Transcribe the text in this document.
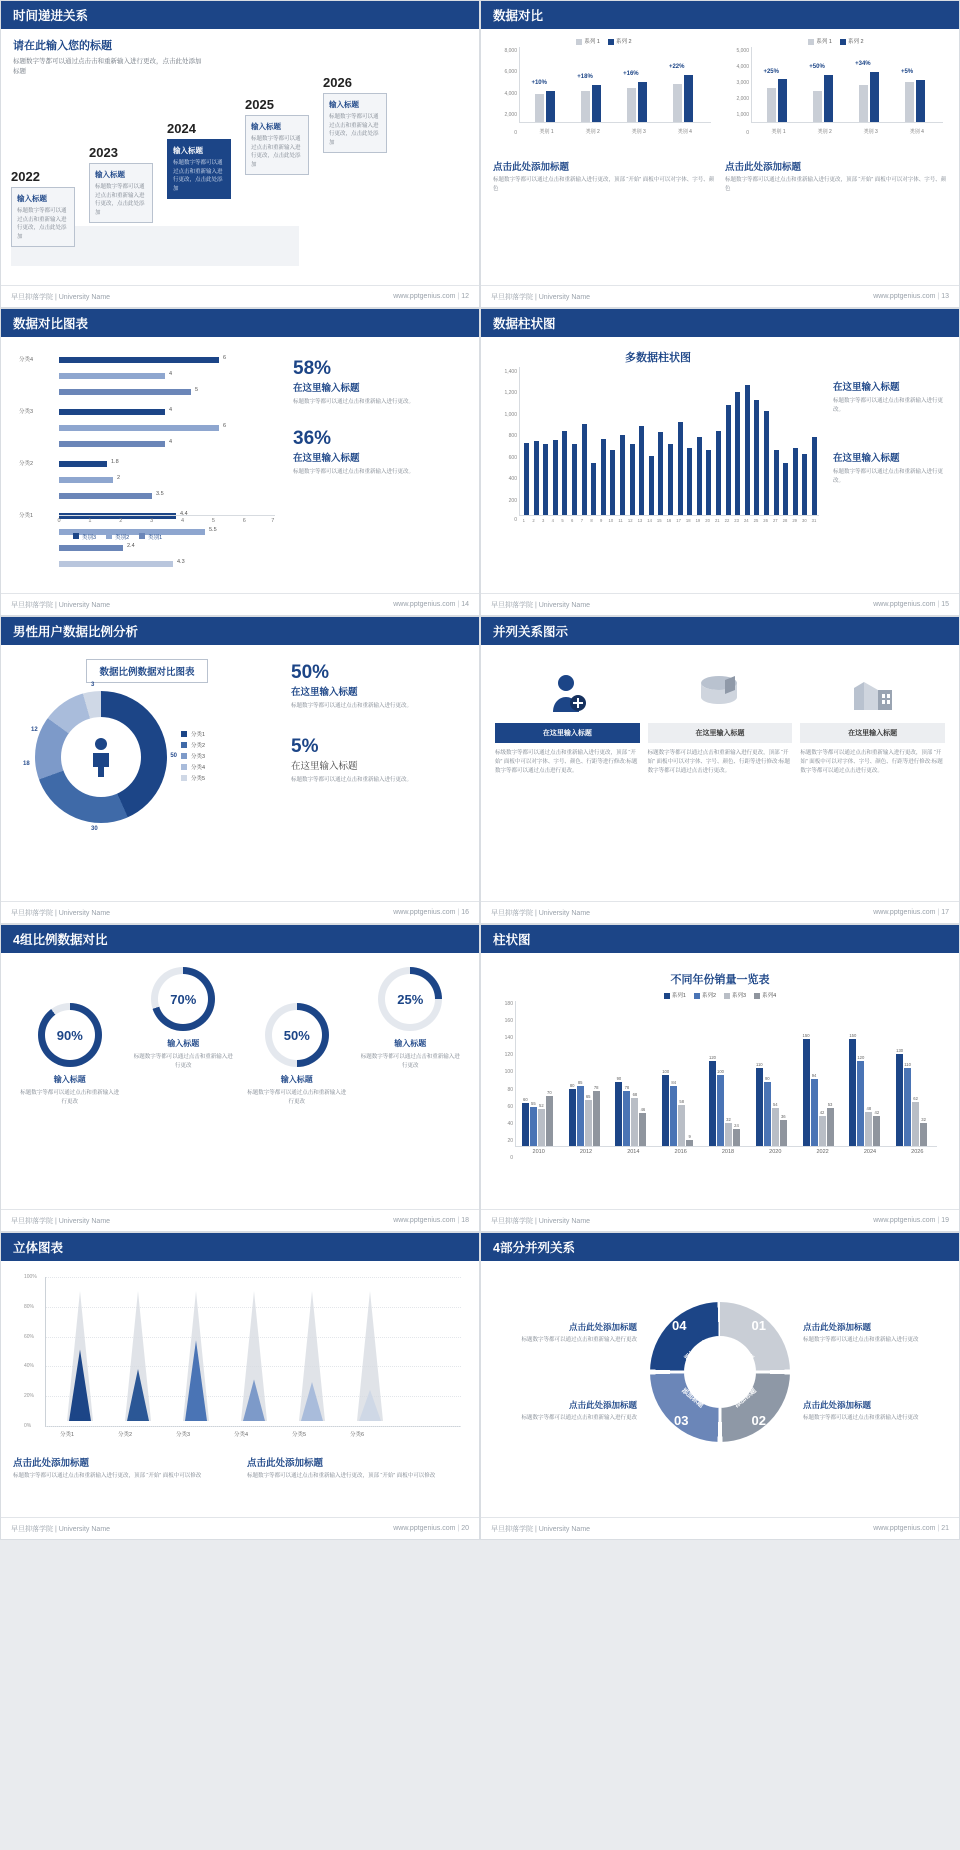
时间递进关系
请在此输入您的标题
标题数字等都可以通过点击击和重新输入进行更改，点击此处添加标题
2022
输入标题
标题数字等都可以通过点击和重新输入进行更改，点击此处添加
2023
输入标题
标题数字等都可以通过点击和重新输入进行更改，点击此处添加
2024
输入标题
标题数字等都可以通过点击和重新输入进行更改，点击此处添加
2025
输入标题
标题数字等都可以通过点击和重新输入进行更改，点击此处添加
2026
输入标题
标题数字等都可以通过点击和重新输入进行更改，点击此处添加
早旦抑落学院 | University Name	www.pptgenius.com | 12
数据对比
系列 1	系列 2
8,000
6,000
4,000
2,000
0
+10%
+18%	+16%
+22%
类别 1	类别 2	类别 3	类别 4
点击此处添加标题
标题数字等都可以通过点击和重新输入进行更改，顶部 “开始” 面板中可以对字体、字号、颜色
系列 1	系列 2
5,000
4,000
3,000
2,000
1,000
0
+25%
+50%	+34%
+5%
类别 1	类别 2	类别 3	类别 4
点击此处添加标题
标题数字等都可以通过点击和重新输入进行更改，顶部 “开始” 面板中可以对字体、字号、颜色
早旦抑落学院 | University Name	www.pptgenius.com | 13
数据对比图表
分类4	6
4
5
分类3	4
6
4
分类2	1.8
2
3.5
分类1	4.4
5.5
2.4
4.3
0	1	2	3	4	5	6	7
类别3	类别2	类别1
58%
在这里输入标题
标题数字等都可以通过点击和重新输入进行更改。
36%
在这里输入标题
标题数字等都可以通过点击和重新输入进行更改。
早旦抑落学院 | University Name	www.pptgenius.com | 14
数据柱状图
多数据柱状图
1,400
1,200
1,000
800
600
400
200
0	1	2	3	4	5	6	7	8	9	10	11	12	13	14	15	16	17	18	19	20	21	22	23	24	25	26	27	28	29	30	31
在这里输入标题
标题数字等都可以通过点击和重新输入进行更改。
在这里输入标题
标题数字等都可以通过点击和重新输入进行更改。
早旦抑落学院 | University Name	www.pptgenius.com | 15
男性用户数据比例分析
数据比例数据对比图表
50
30
18
12
3
分类1
分类2
分类3
分类4
分类5
50%
在这里输入标题
标题数字等都可以通过点击和重新输入进行更改。
5%
在这里输入标题
标题数字等都可以通过点击和重新输入进行更改。
早旦抑落学院 | University Name	www.pptgenius.com | 16
并列关系图示
在这里输入标题
标级数字等都可以通过点击和重新输入进行更改，顶部 “开始” 面板中可以对字体、字号、颜色、行距等进行修改:标题数字等都可以通过点击进行更改。
在这里输入标题
标题数字等都可以通过点击和重新输入进行更改，顶部 “开始” 面板中可以对字体、字号、颜色、行距等进行修改:标题数字等都可以通过点击进行更改。
在这里输入标题
标题数字等都可以通过点击和重新输入进行更改，顶部 “开始” 面板中可以对字体、字号、颜色、行距等进行修改:标题数字等都可以通过点击进行更改。
早旦抑落学院 | University Name	www.pptgenius.com | 17
4组比例数据对比
90%
输入标题
标题数字等都可以通过点击和重新输入进行更改
70%
输入标题
标题数字等都可以通过点击和重新输入进行更改
50%
输入标题
标题数字等都可以通过点击和重新输入进行更改
25%
输入标题
标题数字等都可以通过点击和重新输入进行更改
早旦抑落学院 | University Name	www.pptgenius.com | 18
柱状图
不同年份销量一览表
系列1	系列2	系列3	系列4
180
160
140
120
100
80
60
40
20
0
60
55 52
70
80
85
65
78
90
78
68
46
100
84
58
9
120
100
32
24
110
90
54
36
150
94
42
53
150
120
48
42
130
110
62
32
2010	2012	2014	2016	2018	2020	2022	2024	2026
早旦抑落学院 | University Name	www.pptgenius.com | 19
立体图表
100%
80%
60%
40%
20%
0%
分类1	分类2	分类3	分类4	分类5	分类6
点击此处添加标题
标题数字等都可以通过点击和重新输入进行更改，顶部 “开始” 面板中可以修改
点击此处添加标题
标题数字等都可以通过点击和重新输入进行更改，顶部 “开始” 面板中可以修改
早旦抑落学院 | University Name	www.pptgenius.com | 20
4部分并列关系
点击此处添加标题
标题数字等都可以通过点击和重新输入进行更改
点击此处添加标题
标题数字等都可以通过点击和重新输入进行更改
01
02
03
04
添加标题
添加标题
添加标题
添加标题
点击此处添加标题
标题数字等都可以通过点击和重新输入进行更改
点击此处添加标题
标题数字等都可以通过点击和重新输入进行更改
早旦抑落学院 | University Name	www.pptgenius.com | 21
